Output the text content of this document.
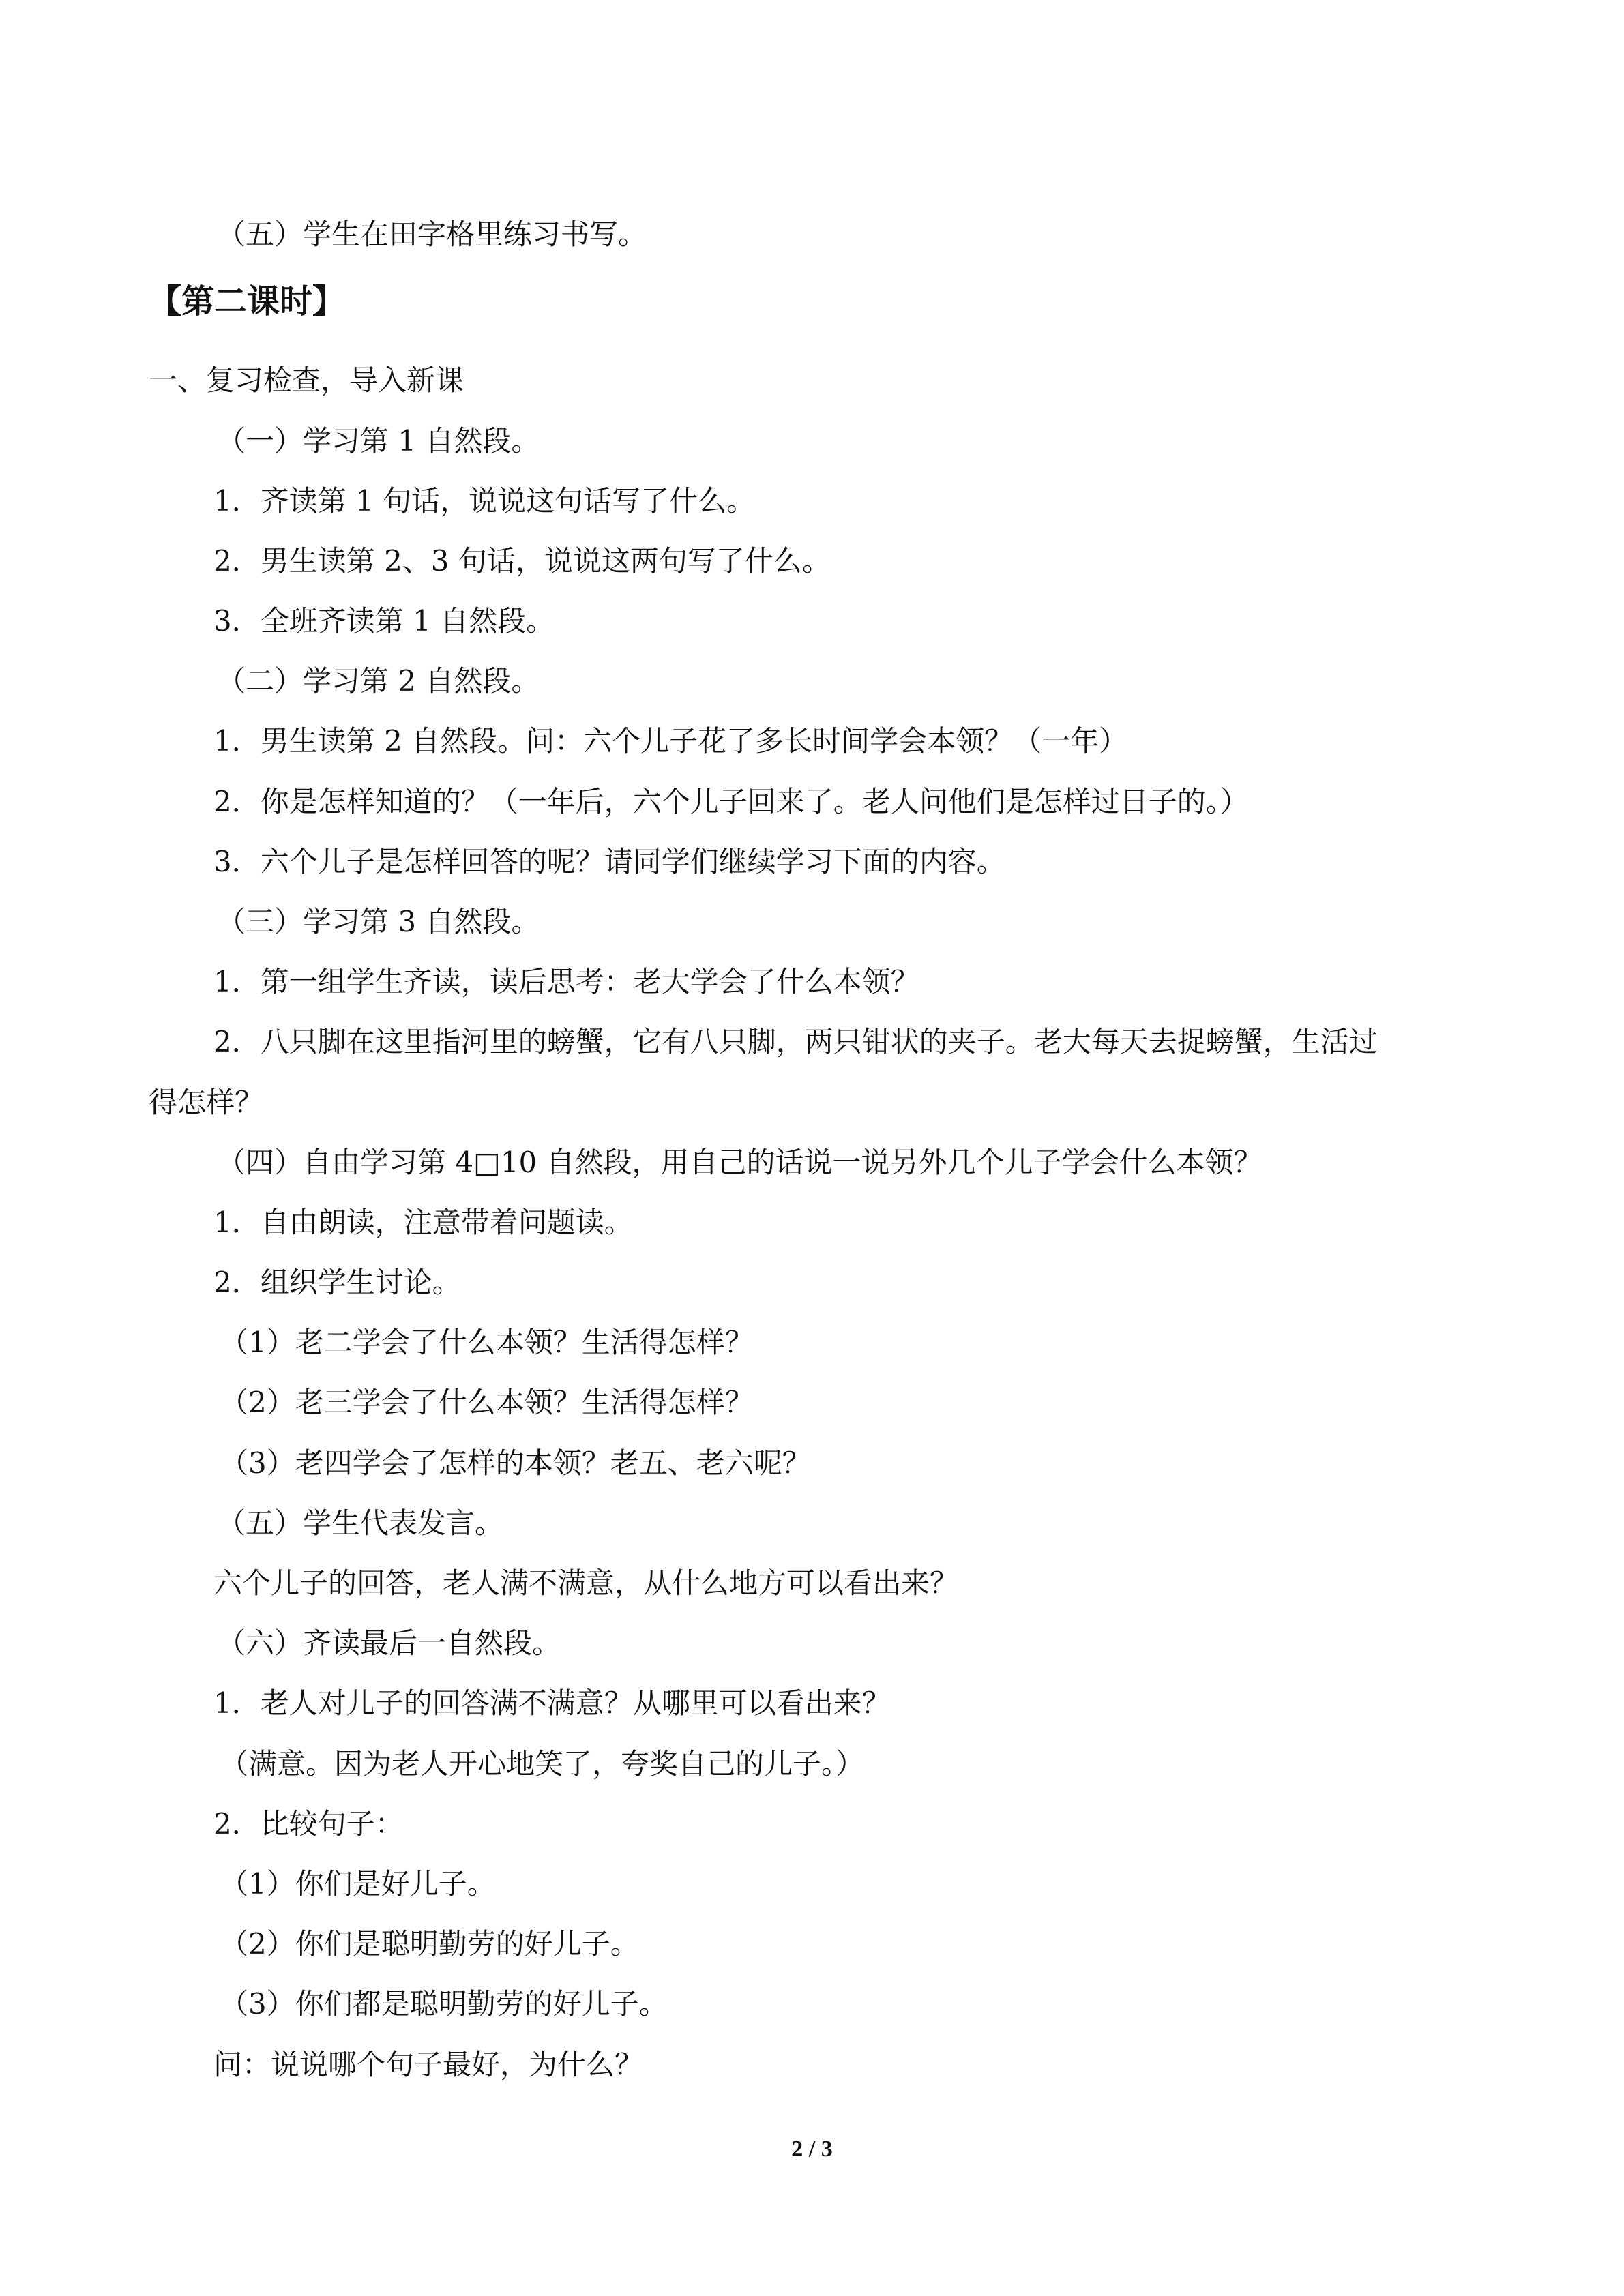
（五）学生在田字格里练习书写。
【第二课时】
一、复习检查，导入新课
（一）学习第 1 自然段。
1．齐读第 1 句话，说说这句话写了什么。
2．男生读第 2、3 句话，说说这两句写了什么。
3．全班齐读第 1 自然段。
（二）学习第 2 自然段。
1．男生读第 2 自然段。问：六个儿子花了多长时间学会本领？（一年）
2．你是怎样知道的？（一年后，六个儿子回来了。老人问他们是怎样过日子的。）
3．六个儿子是怎样回答的呢？请同学们继续学习下面的内容。
（三）学习第 3 自然段。
1．第一组学生齐读，读后思考：老大学会了什么本领？
2．八只脚在这里指河里的螃蟹，它有八只脚，两只钳状的夹子。老大每天去捉螃蟹，生活过
得怎样？
（四）自由学习第 4□10 自然段，用自己的话说一说另外几个儿子学会什么本领？
1．自由朗读，注意带着问题读。
2．组织学生讨论。
（1）老二学会了什么本领？生活得怎样？
（2）老三学会了什么本领？生活得怎样？
（3）老四学会了怎样的本领？老五、老六呢？
（五）学生代表发言。
六个儿子的回答，老人满不满意，从什么地方可以看出来？
（六）齐读最后一自然段。
1．老人对儿子的回答满不满意？从哪里可以看出来？
（满意。因为老人开心地笑了，夸奖自己的儿子。）
2．比较句子：
（1）你们是好儿子。
（2）你们是聪明勤劳的好儿子。
（3）你们都是聪明勤劳的好儿子。
问：说说哪个句子最好，为什么？
2 / 3
